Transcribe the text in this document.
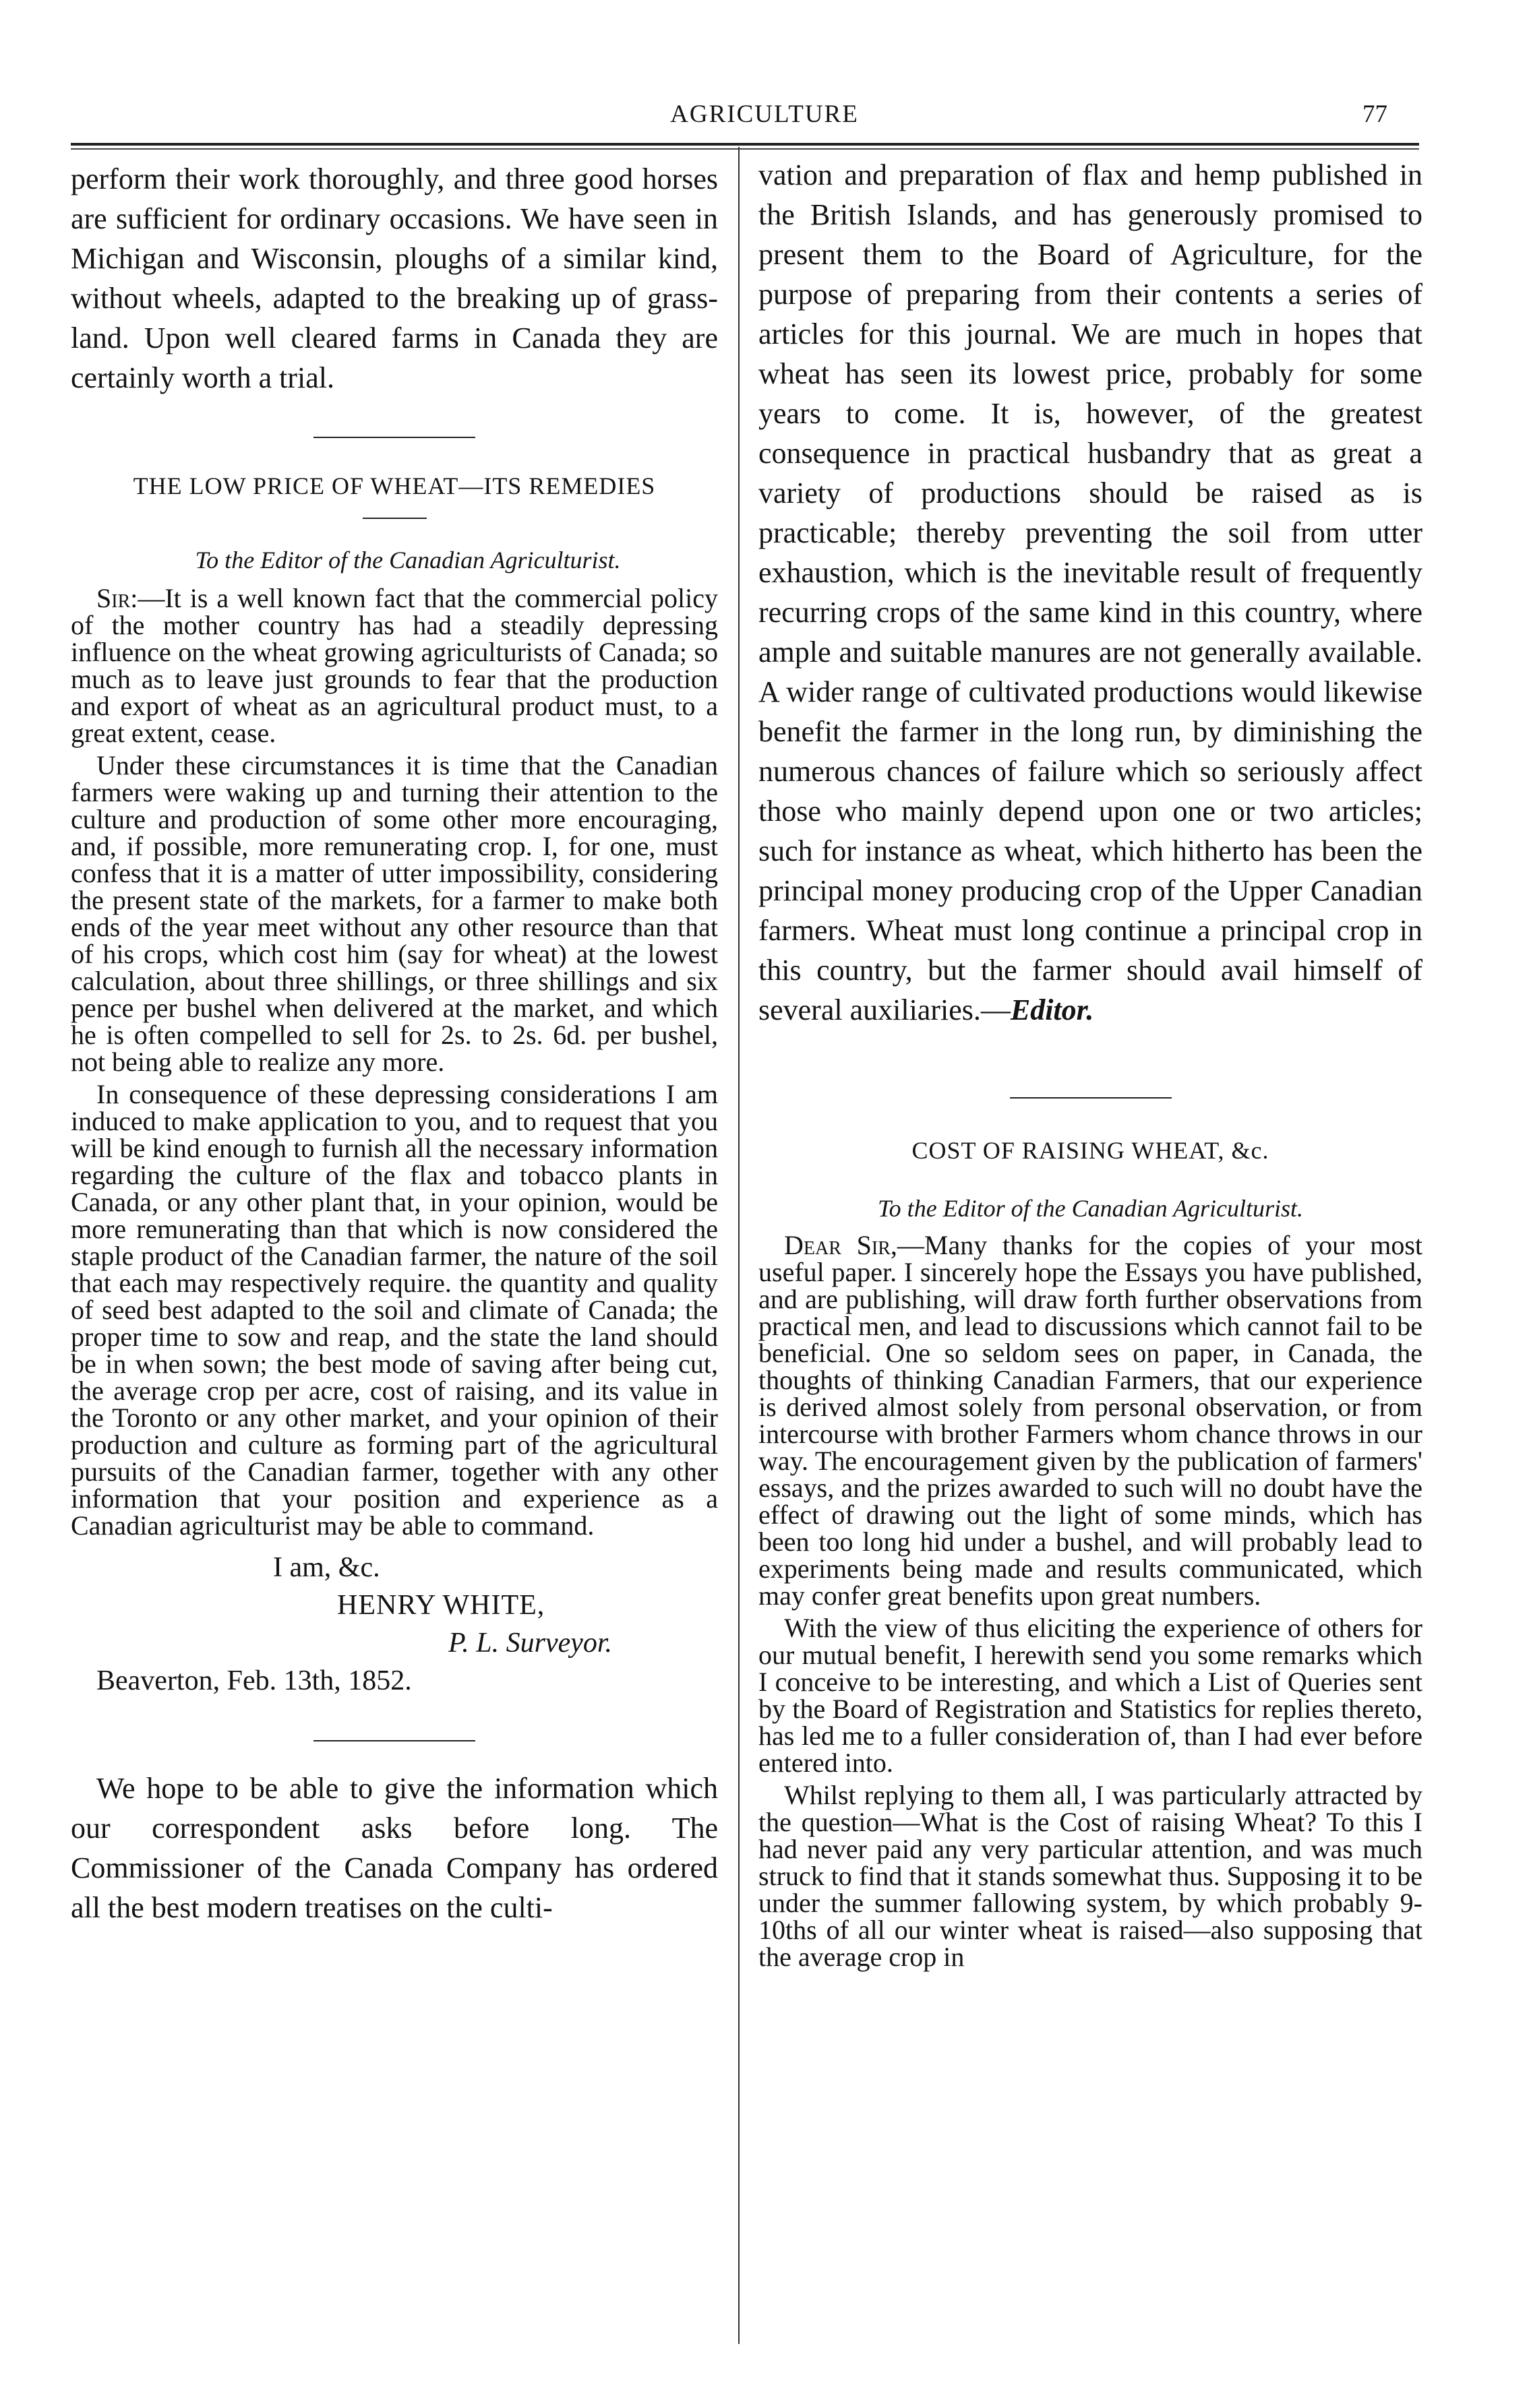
AGRICULTURE	77

perform their work thoroughly, and three good horses are sufficient for ordinary occasions. We have seen in Michigan and Wisconsin, ploughs of a similar kind, without wheels, adapted to the breaking up of grass-land. Upon well cleared farms in Canada they are certainly worth a trial.

THE LOW PRICE OF WHEAT—ITS REMEDIES
To the Editor of the Canadian Agriculturist.

Sir:—It is a well known fact that the commercial policy of the mother country has had a steadily depressing influence on the wheat growing agriculturists of Canada; so much as to leave just grounds to fear that the production and export of wheat as an agricultural product must, to a great extent, cease.

Under these circumstances it is time that the Canadian farmers were waking up and turning their attention to the culture and production of some other more encouraging, and, if possible, more remunerating crop. I, for one, must confess that it is a matter of utter impossibility, considering the present state of the markets, for a farmer to make both ends of the year meet without any other resource than that of his crops, which cost him (say for wheat) at the lowest calculation, about three shillings, or three shillings and six pence per bushel when delivered at the market, and which he is often compelled to sell for 2s. to 2s. 6d. per bushel, not being able to realize any more.

In consequence of these depressing considerations I am induced to make application to you, and to request that you will be kind enough to furnish all the necessary information regarding the culture of the flax and tobacco plants in Canada, or any other plant that, in your opinion, would be more remunerating than that which is now considered the staple product of the Canadian farmer, the nature of the soil that each may respectively require. the quantity and quality of seed best adapted to the soil and climate of Canada; the proper time to sow and reap, and the state the land should be in when sown; the best mode of saving after being cut, the average crop per acre, cost of raising, and its value in the Toronto or any other market, and your opinion of their production and culture as forming part of the agricultural pursuits of the Canadian farmer, together with any other information that your position and experience as a Canadian agriculturist may be able to command.

I am, &c.
HENRY WHITE,
P. L. Surveyor.
Beaverton, Feb. 13th, 1852.

We hope to be able to give the information which our correspondent asks before long. The Commissioner of the Canada Company has ordered all the best modern treatises on the culti-

vation and preparation of flax and hemp published in the British Islands, and has generously promised to present them to the Board of Agriculture, for the purpose of preparing from their contents a series of articles for this journal. We are much in hopes that wheat has seen its lowest price, probably for some years to come. It is, however, of the greatest consequence in practical husbandry that as great a variety of productions should be raised as is practicable; thereby preventing the soil from utter exhaustion, which is the inevitable result of frequently recurring crops of the same kind in this country, where ample and suitable manures are not generally available. A wider range of cultivated productions would likewise benefit the farmer in the long run, by diminishing the numerous chances of failure which so seriously affect those who mainly depend upon one or two articles; such for instance as wheat, which hitherto has been the principal money producing crop of the Upper Canadian farmers. Wheat must long continue a principal crop in this country, but the farmer should avail himself of several auxiliaries.—Editor.

COST OF RAISING WHEAT, &c.
To the Editor of the Canadian Agriculturist.

Dear Sir,—Many thanks for the copies of your most useful paper. I sincerely hope the Essays you have published, and are publishing, will draw forth further observations from practical men, and lead to discussions which cannot fail to be beneficial. One so seldom sees on paper, in Canada, the thoughts of thinking Canadian Farmers, that our experience is derived almost solely from personal observation, or from intercourse with brother Farmers whom chance throws in our way. The encouragement given by the publication of farmers' essays, and the prizes awarded to such will no doubt have the effect of drawing out the light of some minds, which has been too long hid under a bushel, and will probably lead to experiments being made and results communicated, which may confer great benefits upon great numbers.

With the view of thus eliciting the experience of others for our mutual benefit, I herewith send you some remarks which I conceive to be interesting, and which a List of Queries sent by the Board of Registration and Statistics for replies thereto, has led me to a fuller consideration of, than I had ever before entered into.

Whilst replying to them all, I was particularly attracted by the question—What is the Cost of raising Wheat? To this I had never paid any very particular attention, and was much struck to find that it stands somewhat thus. Supposing it to be under the summer fallowing system, by which probably 9-10ths of all our winter wheat is raised—also supposing that the average crop in
